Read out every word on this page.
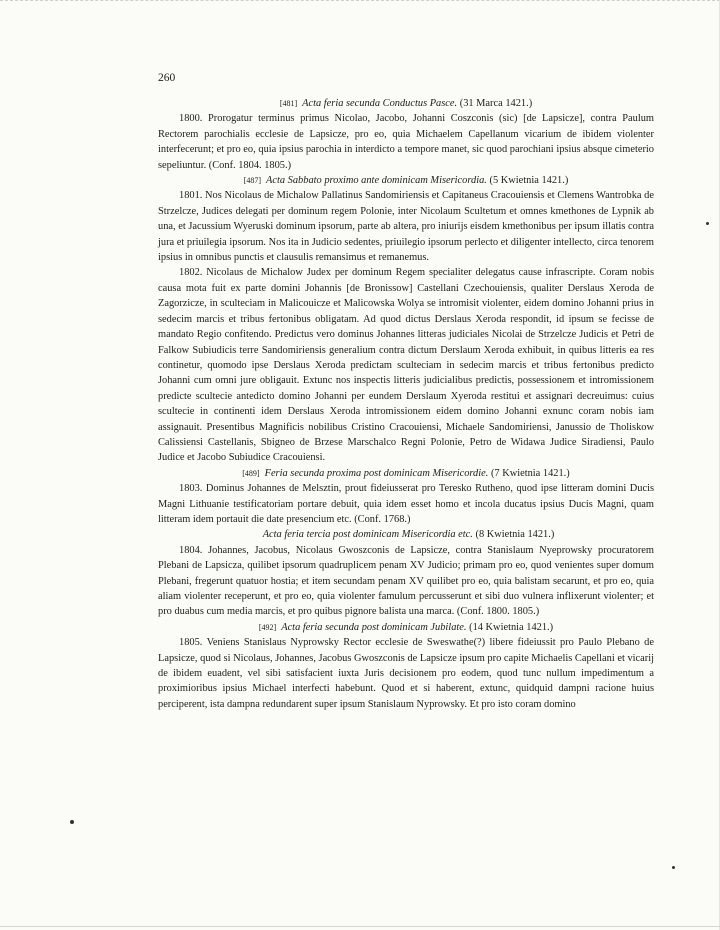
260

[481] Acta feria secunda Conductus Pasce. (31 Marca 1421.)

1800. Prorogatur terminus primus Nicolao, Jacobo, Johanni Coszconis (sic) [de Lapsicze], contra Paulum Rectorem parochialis ecclesie de Lapsicze, pro eo, quia Michaelem Capellanum vicarium de ibidem violenter interfecerunt; et pro eo, quia ipsius parochia in interdicto a tempore manet, sic quod parochiani ipsius absque cimeterio sepeliuntur. (Conf. 1804. 1805.)

[487] Acta Sabbato proximo ante dominicam Misericordia. (5 Kwietnia 1421.)

1801. Nos Nicolaus de Michalow Pallatinus Sandomiriensis et Capitaneus Cracouiensis et Clemens Wantrobka de Strzelcze, Judices delegati per dominum regem Polonie, inter Nicolaum Scultetum et omnes kmethones de Lypnik ab una, et Jacussium Wyeruski dominum ipsorum, parte ab altera, pro iniurijs eisdem kmethonibus per ipsum illatis contra jura et priuilegia ipsorum. Nos ita in Judicio sedentes, priuilegio ipsorum perlecto et diligenter intellecto, circa tenorem ipsius in omnibus punctis et clausulis remansimus et remanemus.

1802. Nicolaus de Michalow Judex per dominum Regem specialiter delegatus cause infrascripte. Coram nobis causa mota fuit ex parte domini Johannis [de Bronissow] Castellani Czechouiensis, qualiter Derslaus Xeroda de Zagorzicze, in sculteciam in Malicouicze et Malicowska Wolya se intromisit violenter, eidem domino Johanni prius in sedecim marcis et tribus fertonibus obligatam. Ad quod dictus Derslaus Xeroda respondit, id ipsum se fecisse de mandato Regio confitendo. Predictus vero dominus Johannes litteras judiciales Nicolai de Strzelcze Judicis et Petri de Falkow Subiudicis terre Sandomiriensis generalium contra dictum Derslaum Xeroda exhibuit, in quibus litteris ea res continetur, quomodo ipse Derslaus Xeroda predictam sculteciam in sedecim marcis et tribus fertonibus predicto Johanni cum omni jure obligauit. Extunc nos inspectis litteris judicialibus predictis, possessionem et intromissionem predicte sculteciе antedicto domino Johanni per eundem Derslaum Xyeroda restitui et assignari decreuimus: cuius sculteciе in continenti idem Derslaus Xeroda intromissionem eidem domino Johanni exnunc coram nobis iam assignauit. Presentibus Magnificis nobilibus Cristino Cracouiensi, Michaele Sandomiriensi, Janussio de Tholiskow Calissiensi Castellanis, Sbigneo de Brzese Marschalco Regni Polonie, Petro de Widawa Judice Siradiensi, Paulo Judice et Jacobo Subiudice Cracouiensi.

[489] Feria secunda proxima post dominicam Misericordie. (7 Kwietnia 1421.)

1803. Dominus Johannes de Melsztin, prout fideiusserat pro Teresko Rutheno, quod ipse litteram domini Ducis Magni Lithuanie testificatoriam portare debuit, quia idem esset homo et incola ducatus ipsius Ducis Magni, quam litteram idem portauit die date presencium etc. (Conf. 1768.)

Acta feria tercia post dominicam Misericordia etc. (8 Kwietnia 1421.)

1804. Johannes, Jacobus, Nicolaus Gwoszconis de Lapsicze, contra Stanislaum Nyeprowsky procuratorem Plebani de Lapsicza, quilibet ipsorum quadruplicem penam XV Judicio; primam pro eo, quod venientes super domum Plebani, fregerunt quatuor hostia; et item secundam penam XV quilibet pro eo, quia balistam secarunt, et pro eo, quia aliam violenter receperunt, et pro eo, quia violenter famulum percusserunt et sibi duo vulnera inflixerunt violenter; et pro duabus cum media marcis, et pro quibus pignore balista una marca. (Conf. 1800. 1805.)

[492] Acta feria secunda post dominicam Jubilate. (14 Kwietnia 1421.)

1805. Veniens Stanislaus Nyprowsky Rector ecclesie de Sweswathe(?) libere fideiussit pro Paulo Plebano de Lapsicze, quod si Nicolaus, Johannes, Jacobus Gwoszconis de Lapsicze ipsum pro capite Michaelis Capellani et vicarij de ibidem euadent, vel sibi satisfacient iuxta Juris decisionem pro eodem, quod tunc nullum impedimentum a proximioribus ipsius Michael interfecti habebunt. Quod et si haberent, extunc, quidquid dampni racione huius perciperent, ista dampna redundarent super ipsum Stanislaum Nyprowsky. Et pro isto coram domino
